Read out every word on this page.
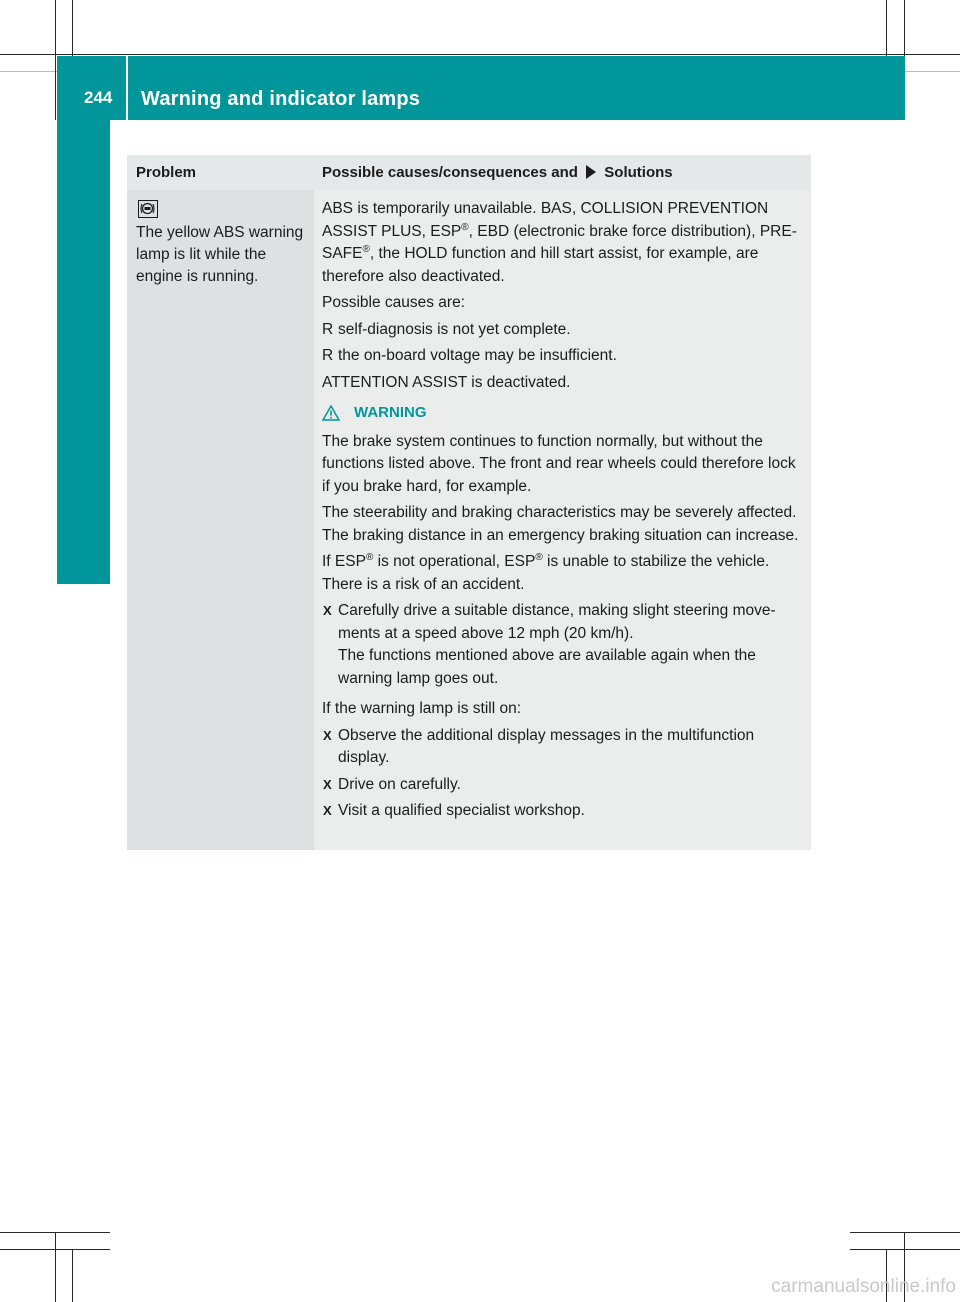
244 Warning and indicator lamps
On-board computer and displays
Problem	Possible causes/consequences and Solutions
The yellow ABS warning lamp is lit while the engine is running.

ABS is temporarily unavailable. BAS, COLLISION PREVENTION ASSIST PLUS, ESP®, EBD (electronic brake force distribution), PRE-SAFE®, the HOLD function and hill start assist, for example, are therefore also deactivated.

Possible causes are:

R self-diagnosis is not yet complete.
R the on-board voltage may be insufficient.

ATTENTION ASSIST is deactivated.

WARNING

The brake system continues to function normally, but without the functions listed above. The front and rear wheels could therefore lock if you brake hard, for example.

The steerability and braking characteristics may be severely affected. The braking distance in an emergency braking situation can increase.

If ESP® is not operational, ESP® is unable to stabilize the vehicle. There is a risk of an accident.

X Carefully drive a suitable distance, making slight steering movements at a speed above 12 mph (20 km/h).
The functions mentioned above are available again when the warning lamp goes out.

If the warning lamp is still on:

X Observe the additional display messages in the multifunction display.
X Drive on carefully.
X Visit a qualified specialist workshop.
carmanualsonline.info
